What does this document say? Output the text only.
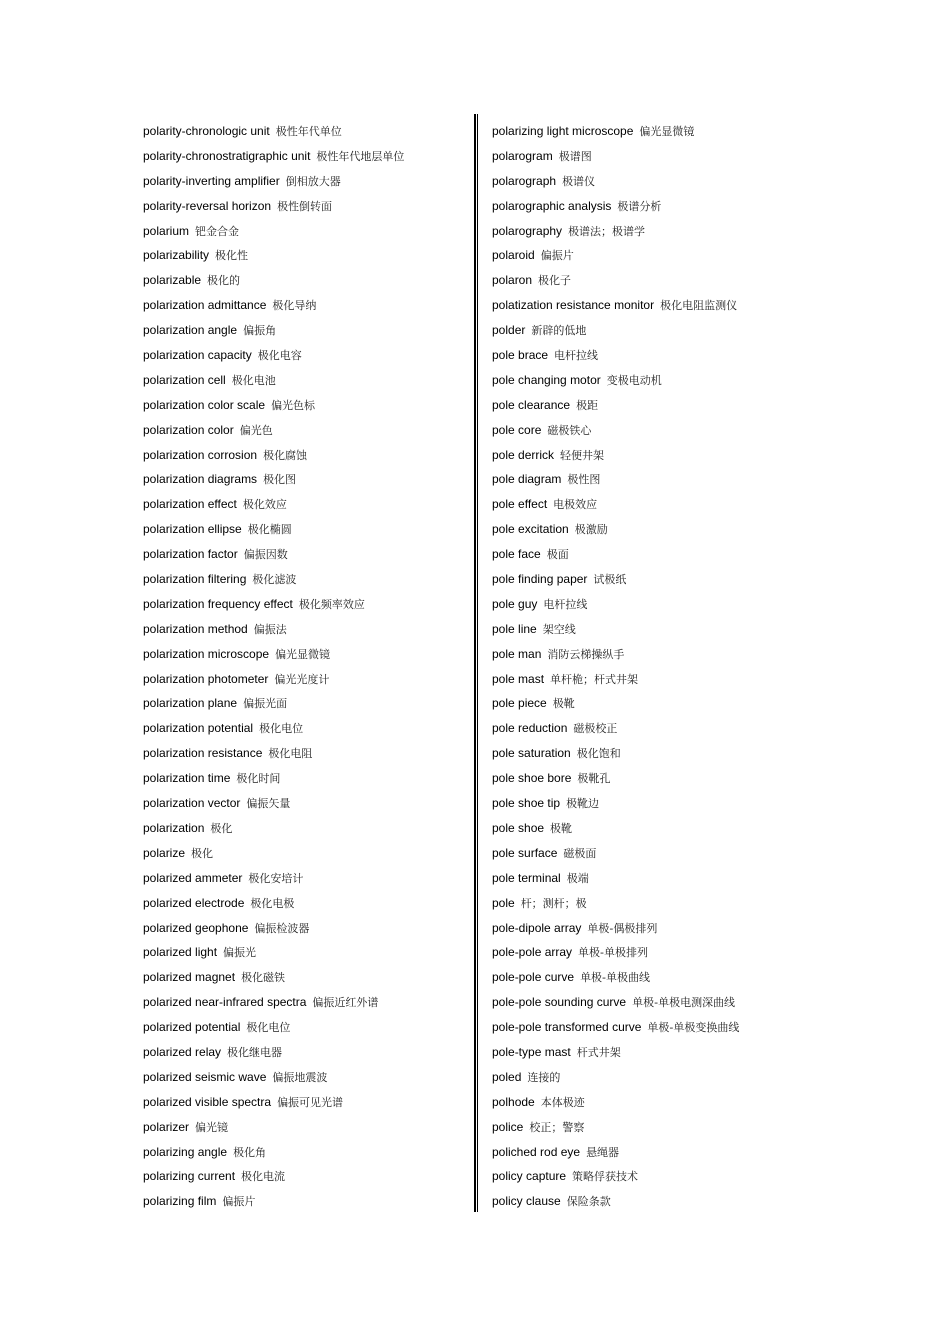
polarity-chronologic unit 极性年代单位
polarity-chronostratigraphic unit 极性年代地层单位
polarity-inverting amplifier 倒相放大器
polarity-reversal horizon 极性倒转面
polarium 钯金合金
polarizability 极化性
polarizable 极化的
polarization admittance 极化导纳
polarization angle 偏振角
polarization capacity 极化电容
polarization cell 极化电池
polarization color scale 偏光色标
polarization color 偏光色
polarization corrosion 极化腐蚀
polarization diagrams 极化图
polarization effect 极化效应
polarization ellipse 极化椭圆
polarization factor 偏振因数
polarization filtering 极化滤波
polarization frequency effect 极化频率效应
polarization method 偏振法
polarization microscope 偏光显微镜
polarization photometer 偏光光度计
polarization plane 偏振光面
polarization potential 极化电位
polarization resistance 极化电阻
polarization time 极化时间
polarization vector 偏振矢量
polarization 极化
polarize 极化
polarized ammeter 极化安培计
polarized electrode 极化电极
polarized geophone 偏振检波器
polarized light 偏振光
polarized magnet 极化磁铁
polarized near-infrared spectra 偏振近红外谱
polarized potential 极化电位
polarized relay 极化继电器
polarized seismic wave 偏振地震波
polarized visible spectra 偏振可见光谱
polarizer 偏光镜
polarizing angle 极化角
polarizing current 极化电流
polarizing film 偏振片
polarizing light microscope 偏光显微镜
polarogram 极谱图
polarograph 极谱仪
polarographic analysis 极谱分析
polarography 极谱法；极谱学
polaroid 偏振片
polaron 极化子
polatization resistance monitor 极化电阻监测仪
polder 新辟的低地
pole brace 电杆拉线
pole changing motor 变极电动机
pole clearance 极距
pole core 磁极铁心
pole derrick 轻便井架
pole diagram 极性图
pole effect 电极效应
pole excitation 极激励
pole face 极面
pole finding paper 试极纸
pole guy 电杆拉线
pole line 架空线
pole man 消防云梯操纵手
pole mast 单杆桅；杆式井架
pole piece 极靴
pole reduction 磁极校正
pole saturation 极化饱和
pole shoe bore 极靴孔
pole shoe tip 极靴边
pole shoe 极靴
pole surface 磁极面
pole terminal 极端
pole 杆；测杆；极
pole-dipole array 单极-偶极排列
pole-pole array 单极-单极排列
pole-pole curve 单极-单极曲线
pole-pole sounding curve 单极-单极电测深曲线
pole-pole transformed curve 单极-单极变换曲线
pole-type mast 杆式井架
poled 连接的
polhode 本体极迹
police 校正；警察
poliched rod eye 悬绳器
policy capture 策略俘获技术
policy clause 保险条款
